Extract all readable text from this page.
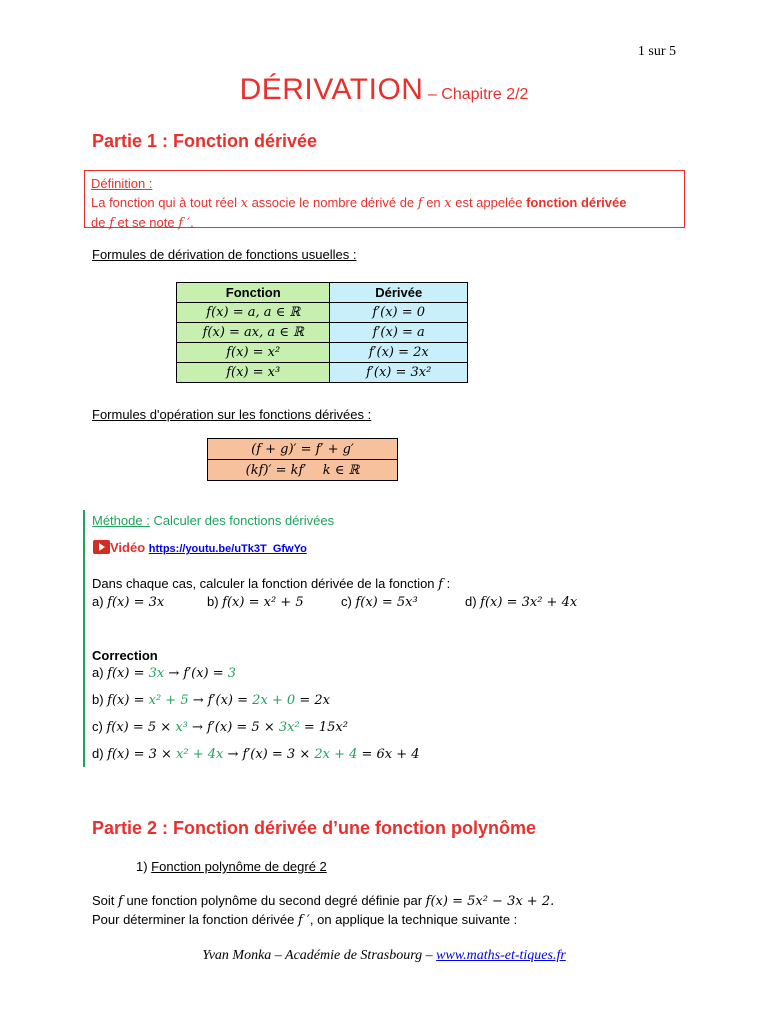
1 sur 5
DÉRIVATION – Chapitre 2/2
Partie 1 : Fonction dérivée
Définition :
La fonction qui à tout réel x associe le nombre dérivé de f en x est appelée fonction dérivée
de f et se note f ′.
Formules de dérivation de fonctions usuelles :
Fonction	Dérivée
f(x) = a, a ∈ ℝ	f′(x) = 0
f(x) = ax, a ∈ ℝ	f′(x) = a
f(x) = x²	f′(x) = 2x
f(x) = x³	f′(x) = 3x²
Formules d'opération sur les fonctions dérivées :
(f + g)′ = f′ + g′
(kf)′ = kf′    k ∈ ℝ
Méthode : Calculer des fonctions dérivées
Vidéo https://youtu.be/uTk3T_GfwYo
Dans chaque cas, calculer la fonction dérivée de la fonction f :
a) f(x) = 3x	b) f(x) = x² + 5	c) f(x) = 5x³	d) f(x) = 3x² + 4x
Correction
a) f(x) = 3x → f′(x) = 3
b) f(x) = x² + 5 → f′(x) = 2x + 0 = 2x
c) f(x) = 5 × x³ → f′(x) = 5 × 3x² = 15x²
d) f(x) = 3 × x² + 4x → f′(x) = 3 × 2x + 4 = 6x + 4
Partie 2 : Fonction dérivée d’une fonction polynôme
1) Fonction polynôme de degré 2
Soit f une fonction polynôme du second degré définie par f(x) = 5x² − 3x + 2.
Pour déterminer la fonction dérivée f ′, on applique la technique suivante :
Yvan Monka – Académie de Strasbourg – www.maths-et-tiques.fr
